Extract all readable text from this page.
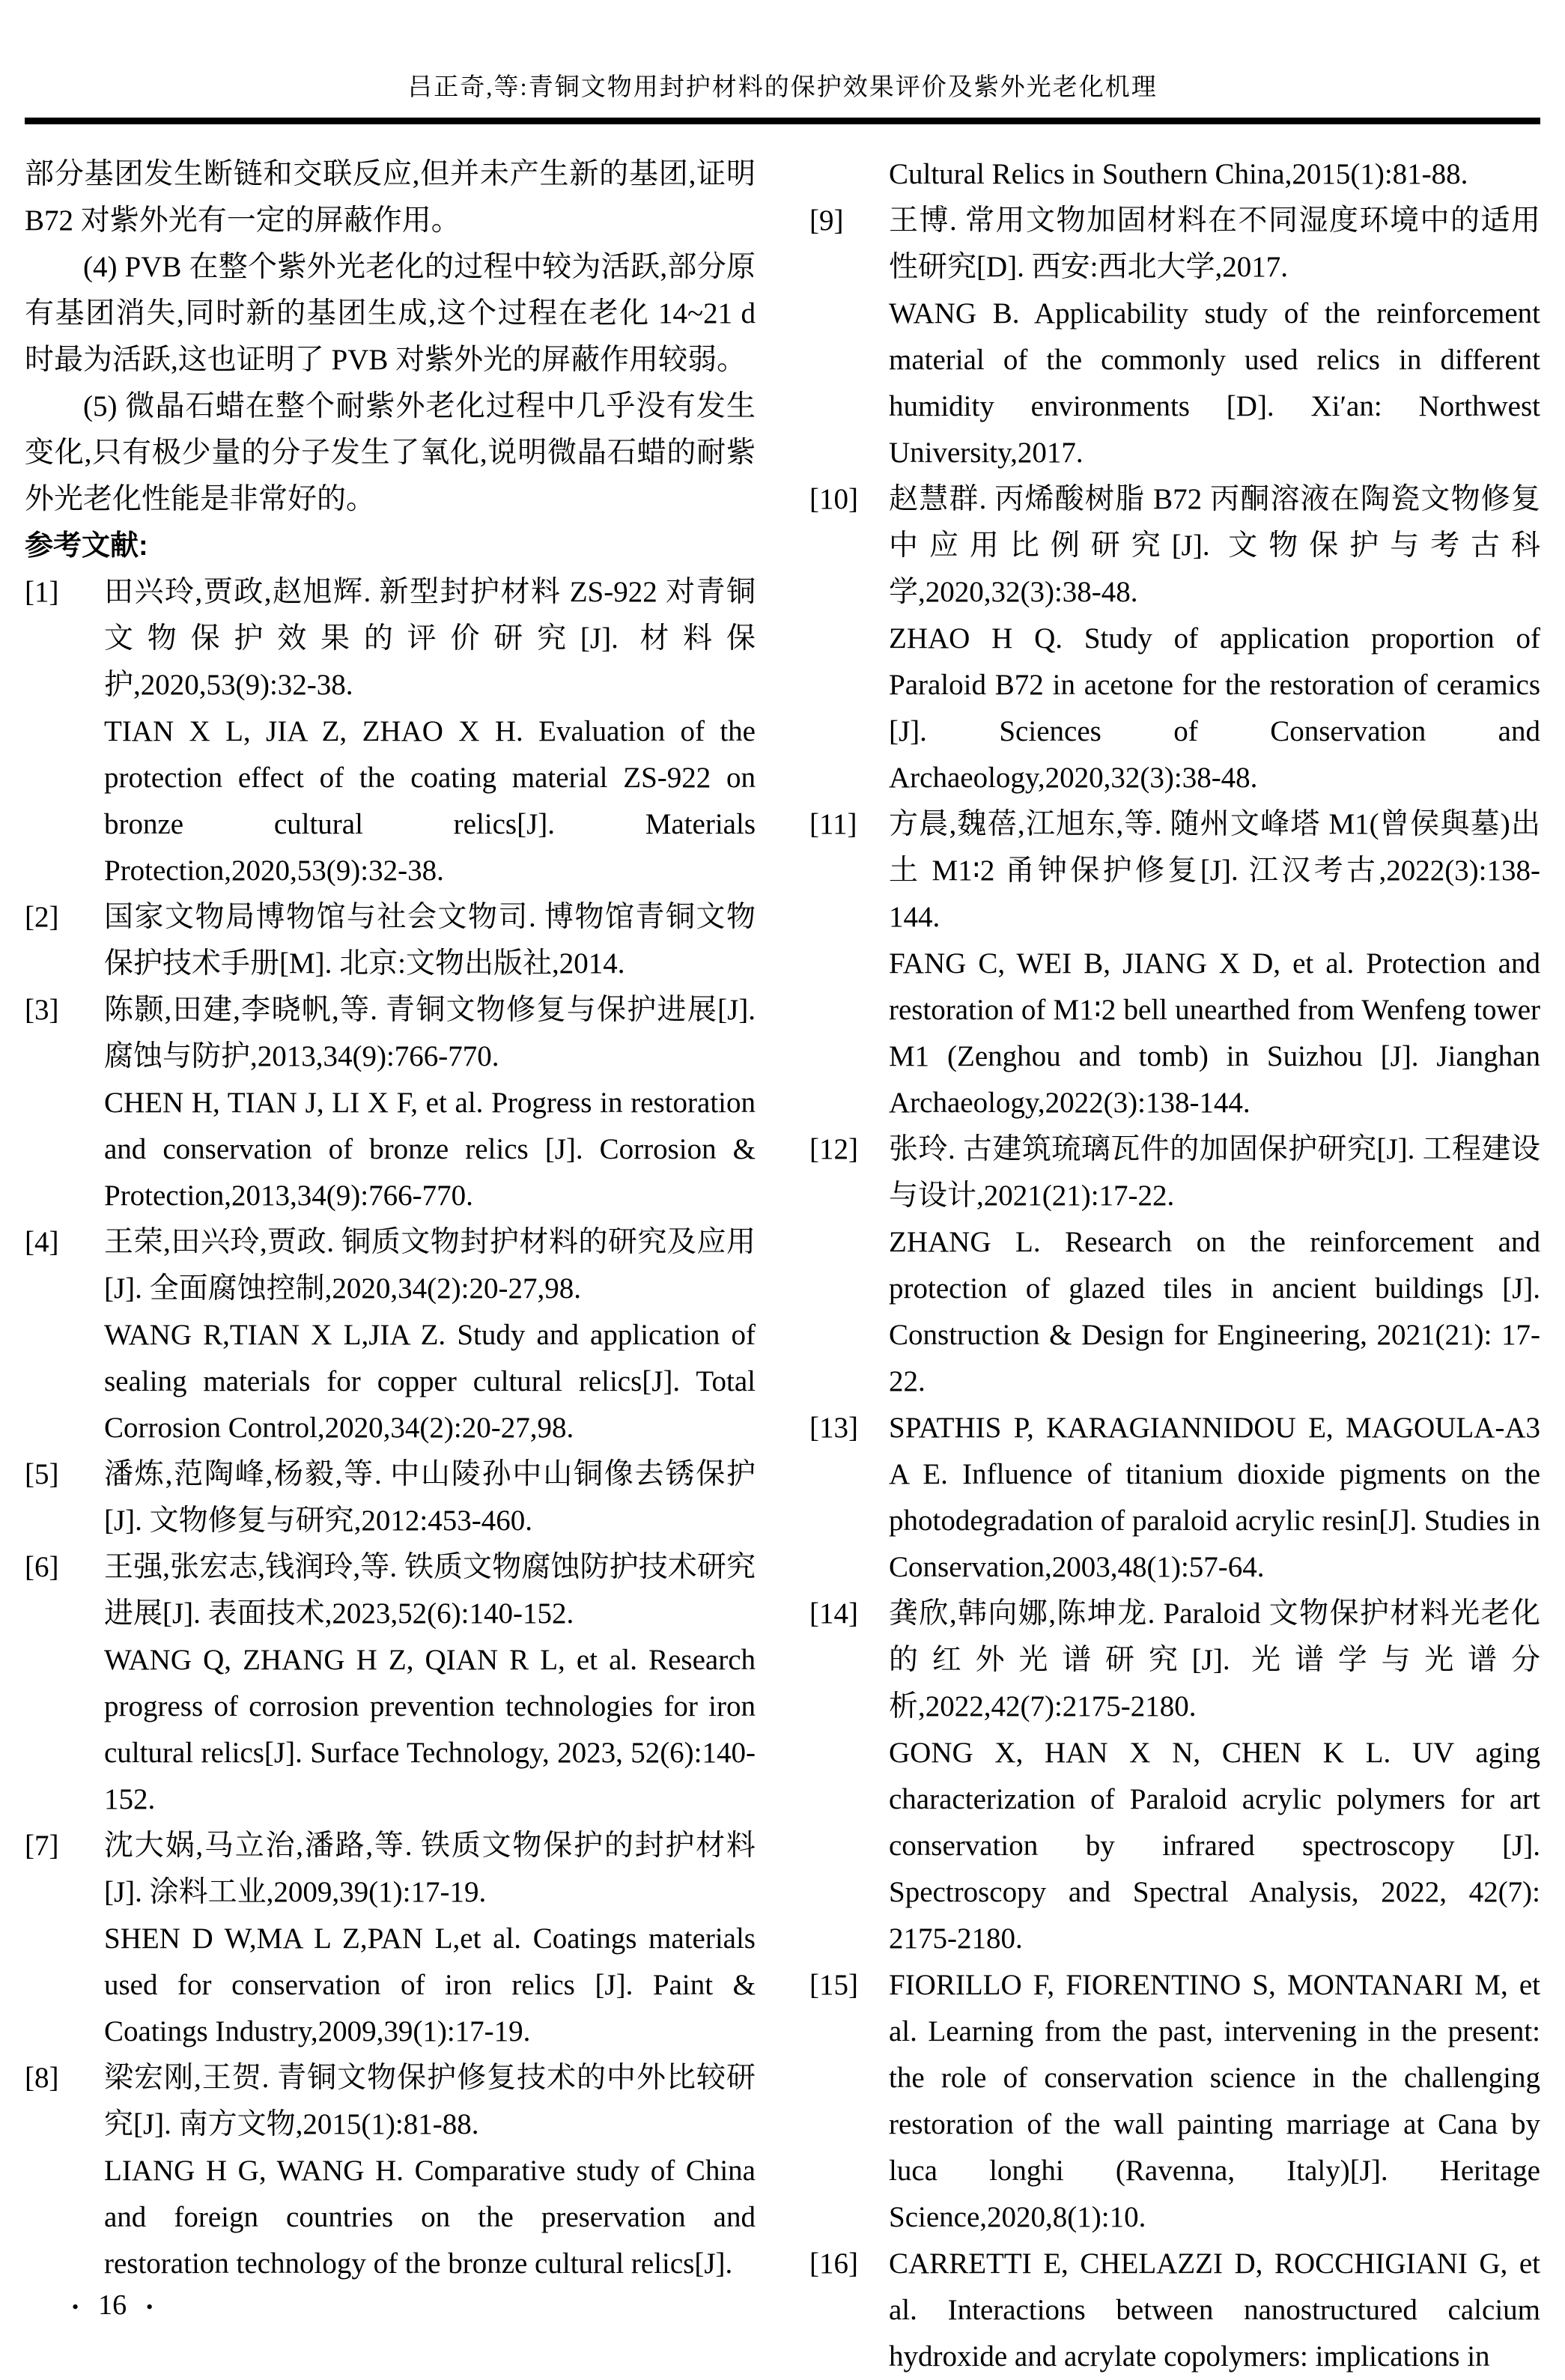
吕正奇,等:青铜文物用封护材料的保护效果评价及紫外光老化机理

部分基团发生断链和交联反应,但并未产生新的基团,证明 B72 对紫外光有一定的屏蔽作用。

(4) PVB 在整个紫外光老化的过程中较为活跃,部分原有基团消失,同时新的基团生成,这个过程在老化 14~21 d 时最为活跃,这也证明了 PVB 对紫外光的屏蔽作用较弱。

(5) 微晶石蜡在整个耐紫外老化过程中几乎没有发生变化,只有极少量的分子发生了氧化,说明微晶石蜡的耐紫外光老化性能是非常好的。

参考文献:
[1]	田兴玲,贾政,赵旭辉. 新型封护材料 ZS-922 对青铜文物保护效果的评价研究[J]. 材料保护,2020,53(9):32-38.
TIAN X L, JIA Z, ZHAO X H. Evaluation of the protection effect of the coating material ZS-922 on bronze cultural relics[J]. Materials Protection,2020,53(9):32-38.
[2]	国家文物局博物馆与社会文物司. 博物馆青铜文物保护技术手册[M]. 北京:文物出版社,2014.
[3]	陈颢,田建,李晓帆,等. 青铜文物修复与保护进展[J]. 腐蚀与防护,2013,34(9):766-770.
CHEN H, TIAN J, LI X F, et al. Progress in restoration and conservation of bronze relics [J]. Corrosion & Protection,2013,34(9):766-770.
[4]	王荣,田兴玲,贾政. 铜质文物封护材料的研究及应用[J]. 全面腐蚀控制,2020,34(2):20-27,98.
WANG R,TIAN X L,JIA Z. Study and application of sealing materials for copper cultural relics[J]. Total Corrosion Control,2020,34(2):20-27,98.
[5]	潘炼,范陶峰,杨毅,等. 中山陵孙中山铜像去锈保护[J]. 文物修复与研究,2012:453-460.
[6]	王强,张宏志,钱润玲,等. 铁质文物腐蚀防护技术研究进展[J]. 表面技术,2023,52(6):140-152.
WANG Q, ZHANG H Z, QIAN R L, et al. Research progress of corrosion prevention technologies for iron cultural relics[J]. Surface Technology, 2023, 52(6):140-152.
[7]	沈大娲,马立治,潘路,等. 铁质文物保护的封护材料[J]. 涂料工业,2009,39(1):17-19.
SHEN D W,MA L Z,PAN L,et al. Coatings materials used for conservation of iron relics [J]. Paint & Coatings Industry,2009,39(1):17-19.
[8]	梁宏刚,王贺. 青铜文物保护修复技术的中外比较研究[J]. 南方文物,2015(1):81-88.
LIANG H G, WANG H. Comparative study of China and foreign countries on the preservation and restoration technology of the bronze cultural relics[J].
Cultural Relics in Southern China,2015(1):81-88.
[9]	王博. 常用文物加固材料在不同湿度环境中的适用性研究[D]. 西安:西北大学,2017.
WANG B. Applicability study of the reinforcement material of the commonly used relics in different humidity environments [D]. Xi′an: Northwest University,2017.
[10]	赵慧群. 丙烯酸树脂 B72 丙酮溶液在陶瓷文物修复中应用比例研究[J]. 文物保护与考古科学,2020,32(3):38-48.
ZHAO H Q. Study of application proportion of Paraloid B72 in acetone for the restoration of ceramics [J]. Sciences of Conservation and Archaeology,2020,32(3):38-48.
[11]	方晨,魏蓓,江旭东,等. 随州文峰塔 M1(曾侯與墓)出土 M1∶2 甬钟保护修复[J]. 江汉考古,2022(3):138-144.
FANG C, WEI B, JIANG X D, et al. Protection and restoration of M1∶2 bell unearthed from Wenfeng tower M1 (Zenghou and tomb) in Suizhou [J]. Jianghan Archaeology,2022(3):138-144.
[12]	张玲. 古建筑琉璃瓦件的加固保护研究[J]. 工程建设与设计,2021(21):17-22.
ZHANG L. Research on the reinforcement and protection of glazed tiles in ancient buildings [J]. Construction & Design for Engineering, 2021(21): 17-22.
[13]	SPATHIS P, KARAGIANNIDOU E, MAGOULA-A3 A E. Influence of titanium dioxide pigments on the photodegradation of paraloid acrylic resin[J]. Studies in Conservation,2003,48(1):57-64.
[14]	龚欣,韩向娜,陈坤龙. Paraloid 文物保护材料光老化的红外光谱研究[J]. 光谱学与光谱分析,2022,42(7):2175-2180.
GONG X, HAN X N, CHEN K L. UV aging characterization of Paraloid acrylic polymers for art conservation by infrared spectroscopy [J]. Spectroscopy and Spectral Analysis, 2022, 42(7): 2175-2180.
[15]	FIORILLO F, FIORENTINO S, MONTANARI M, et al. Learning from the past, intervening in the present: the role of conservation science in the challenging restoration of the wall painting marriage at Cana by luca longhi (Ravenna, Italy)[J]. Heritage Science,2020,8(1):10.
[16]	CARRETTI E, CHELAZZI D, ROCCHIGIANI G, et al. Interactions between nanostructured calcium hydroxide and acrylate copolymers: implications in
• 16 •
